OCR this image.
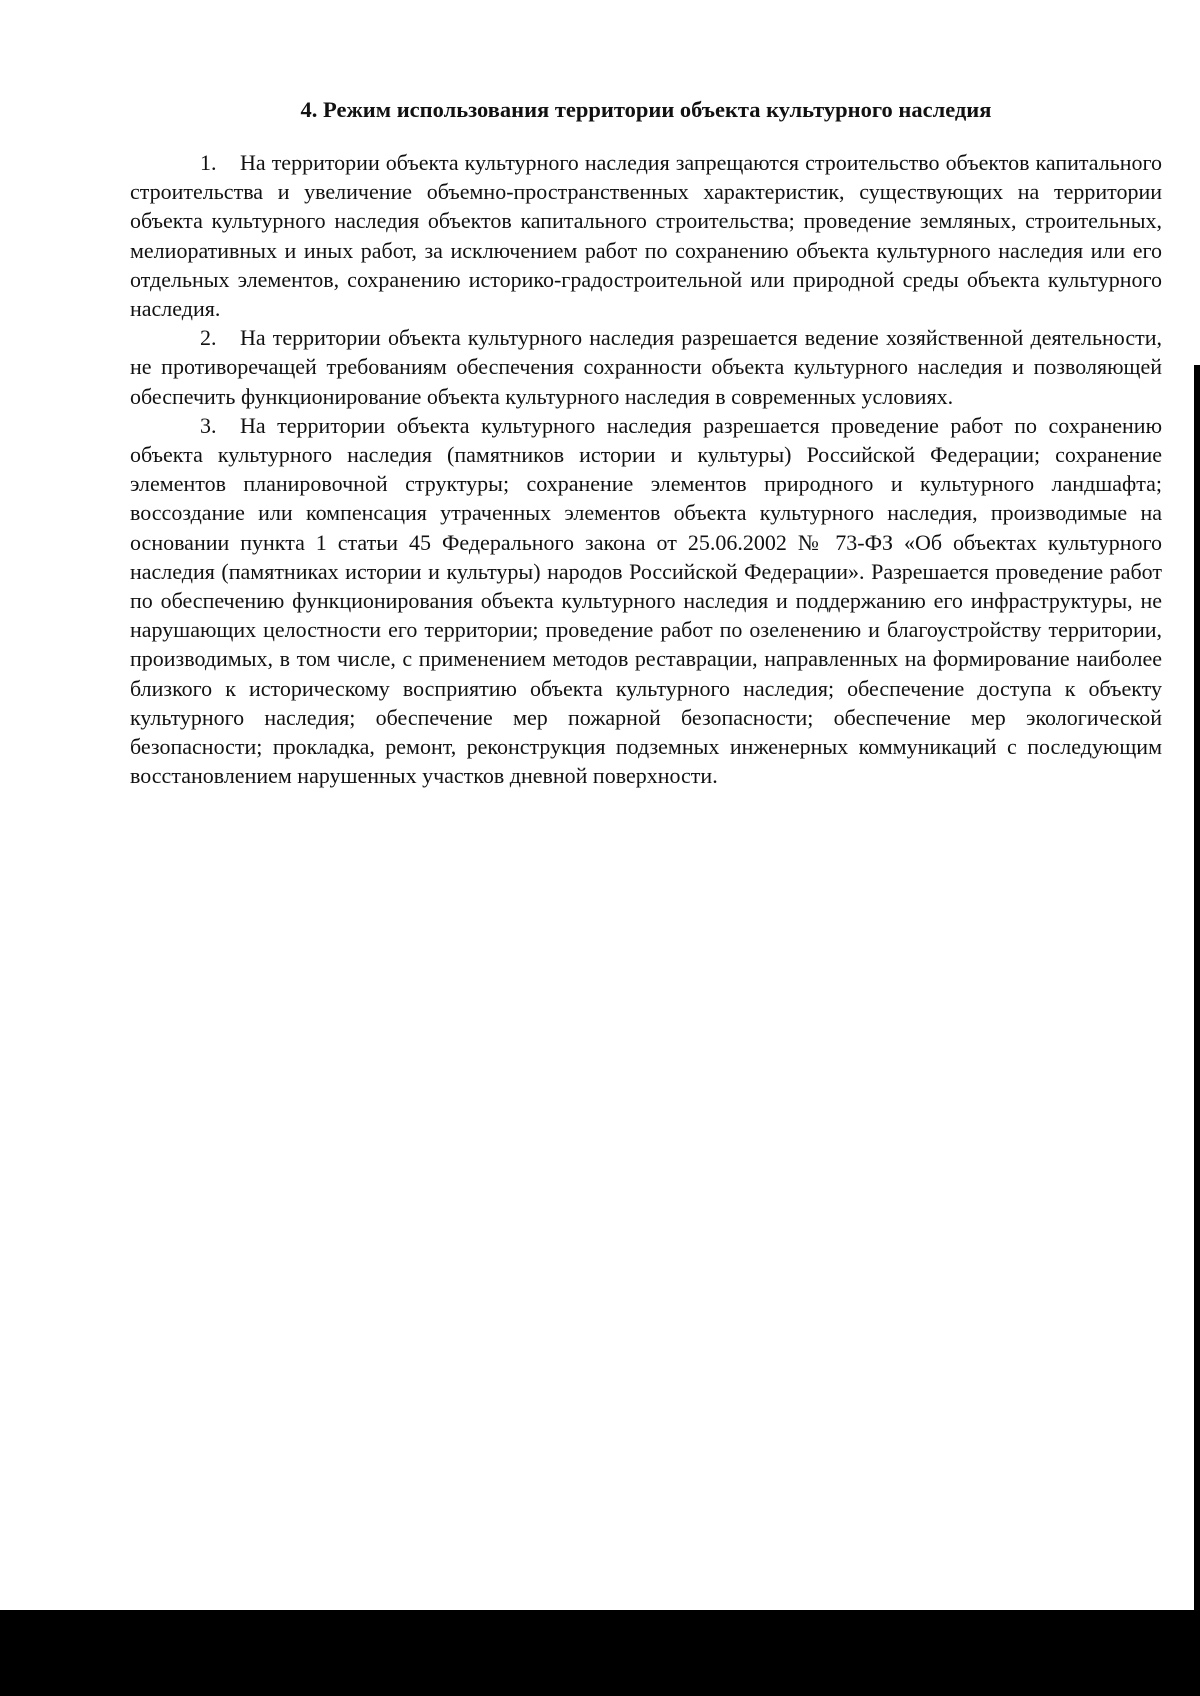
4. Режим использования территории объекта культурного наследия

1. На территории объекта культурного наследия запрещаются строительство объектов капитального строительства и увеличение объемно-пространственных характеристик, существующих на территории объекта культурного наследия объектов капитального строительства; проведение земляных, строительных, мелиоративных и иных работ, за исключением работ по сохранению объекта культурного наследия или его отдельных элементов, сохранению историко-градостроительной или природной среды объекта культурного наследия.

2. На территории объекта культурного наследия разрешается ведение хозяйственной деятельности, не противоречащей требованиям обеспечения сохранности объекта культурного наследия и позволяющей обеспечить функционирование объекта культурного наследия в современных условиях.

3. На территории объекта культурного наследия разрешается проведение работ по сохранению объекта культурного наследия (памятников истории и культуры) Российской Федерации; сохранение элементов планировочной структуры; сохранение элементов природного и культурного ландшафта; воссоздание или компенсация утраченных элементов объекта культурного наследия, производимые на основании пункта 1 статьи 45 Федерального закона от 25.06.2002 № 73-ФЗ «Об объектах культурного наследия (памятниках истории и культуры) народов Российской Федерации». Разрешается проведение работ по обеспечению функционирования объекта культурного наследия и поддержанию его инфраструктуры, не нарушающих целостности его территории; проведение работ по озеленению и благоустройству территории, производимых, в том числе, с применением методов реставрации, направленных на формирование наиболее близкого к историческому восприятию объекта культурного наследия; обеспечение доступа к объекту культурного наследия; обеспечение мер пожарной безопасности; обеспечение мер экологической безопасности; прокладка, ремонт, реконструкция подземных инженерных коммуникаций с последующим восстановлением нарушенных участков дневной поверхности.
